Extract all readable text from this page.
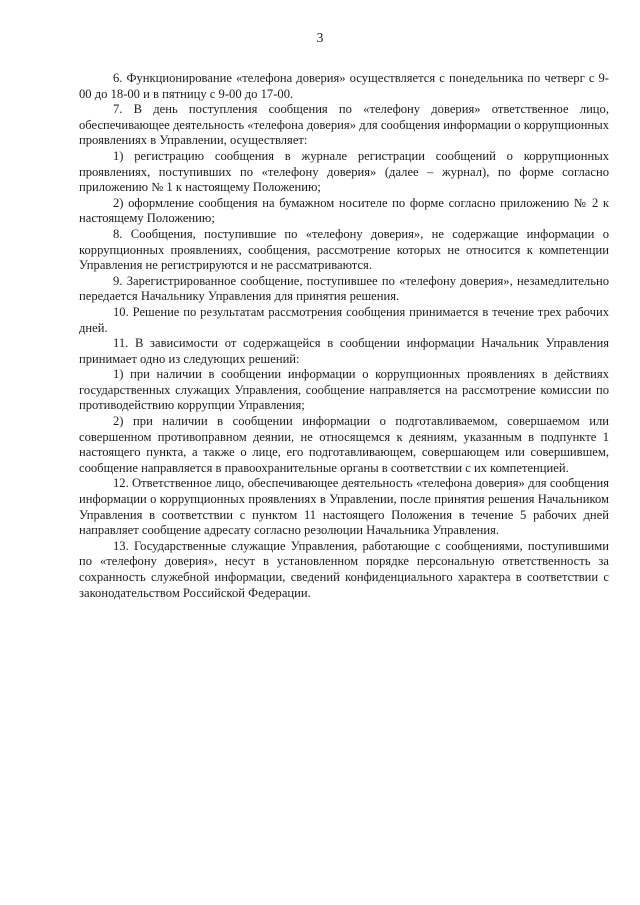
3

6. Функционирование «телефона доверия» осуществляется с понедельника по четверг с 9-00 до 18-00 и в пятницу с 9-00 до 17-00.

7. В день поступления сообщения по «телефону доверия» ответственное лицо, обеспечивающее деятельность «телефона доверия» для сообщения информации о коррупционных проявлениях в Управлении, осуществляет:

1) регистрацию сообщения в журнале регистрации сообщений о коррупционных проявлениях, поступивших по «телефону доверия» (далее – журнал), по форме согласно приложению № 1 к настоящему Положению;

2) оформление сообщения на бумажном носителе по форме согласно приложению № 2 к настоящему Положению;

8. Сообщения, поступившие по «телефону доверия», не содержащие информации о коррупционных проявлениях, сообщения, рассмотрение которых не относится к компетенции Управления не регистрируются и не рассматриваются.

9. Зарегистрированное сообщение, поступившее по «телефону доверия», незамедлительно передается Начальнику Управления для принятия решения.

10. Решение по результатам рассмотрения сообщения принимается в течение трех рабочих дней.

11. В зависимости от содержащейся в сообщении информации Начальник Управления принимает одно из следующих решений:

1) при наличии в сообщении информации о коррупционных проявлениях в действиях государственных служащих Управления, сообщение направляется на рассмотрение комиссии по противодействию коррупции Управления;

2) при наличии в сообщении информации о подготавливаемом, совершаемом или совершенном противоправном деянии, не относящемся к деяниям, указанным в подпункте 1 настоящего пункта, а также о лице, его подготавливающем, совершающем или совершившем, сообщение направляется в правоохранительные органы в соответствии с их компетенцией.

12. Ответственное лицо, обеспечивающее деятельность «телефона доверия» для сообщения информации о коррупционных проявлениях в Управлении, после принятия решения Начальником Управления в соответствии с пунктом 11 настоящего Положения в течение 5 рабочих дней направляет сообщение адресату согласно резолюции Начальника Управления.

13. Государственные служащие Управления, работающие с сообщениями, поступившими по «телефону доверия», несут в установленном порядке персональную ответственность за сохранность служебной информации, сведений конфиденциального характера в соответствии с законодательством Российской Федерации.
